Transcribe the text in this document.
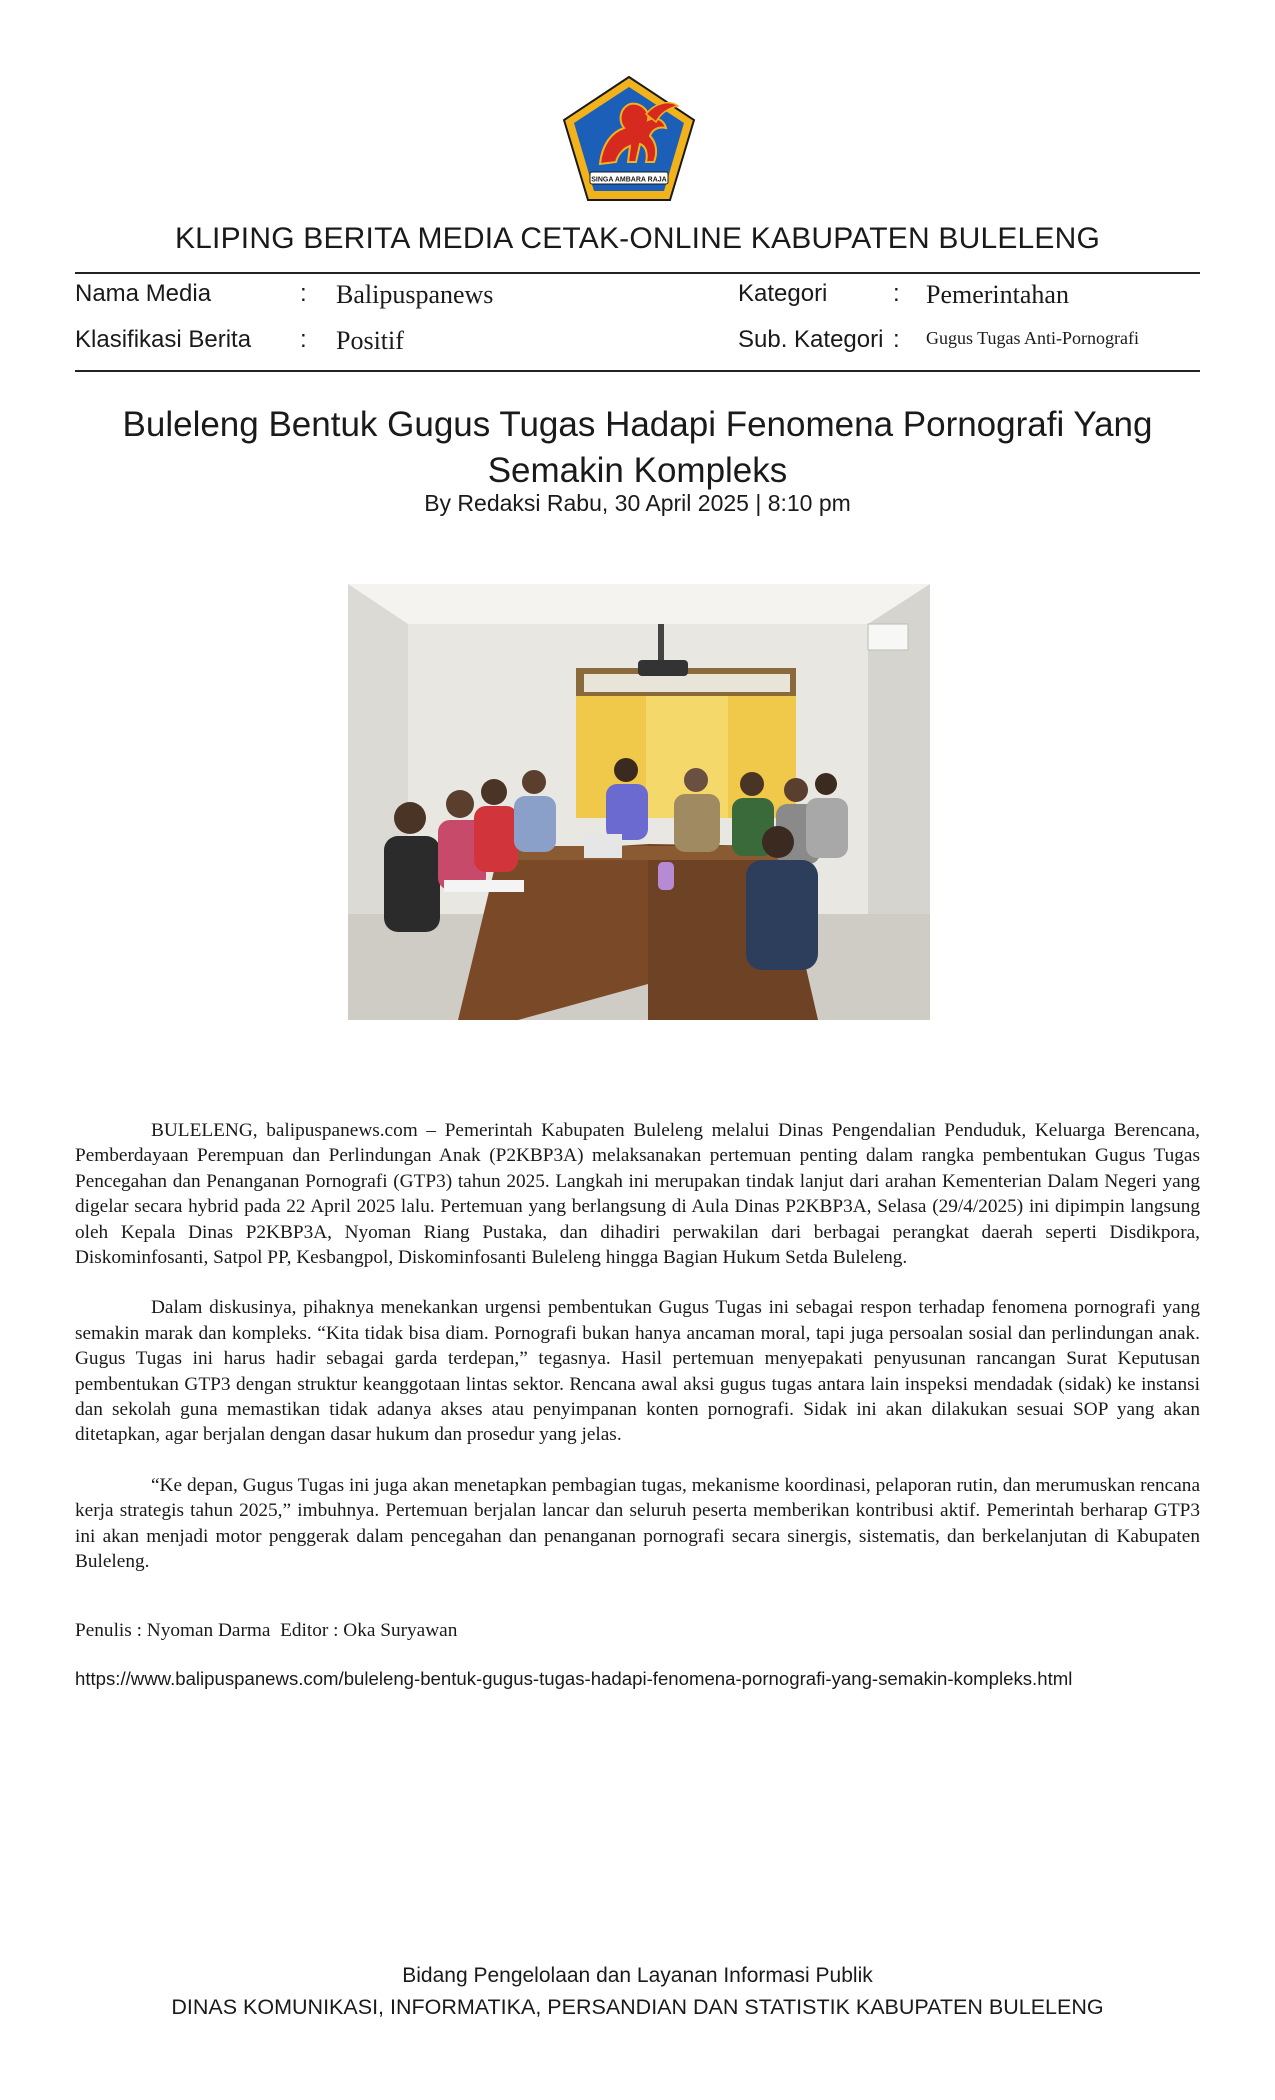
SINGA AMBARA RAJA
KLIPING BERITA MEDIA CETAK-ONLINE KABUPATEN BULELENG
Nama Media	: Balipuspanews
Klasifikasi Berita : Positif
Kategori	: Pemerintahan
Sub. Kategori : Gugus Tugas Anti-Pornografi
Buleleng Bentuk Gugus Tugas Hadapi Fenomena Pornografi Yang
Semakin Kompleks
By Redaksi Rabu, 30 April 2025 | 8:10 pm

BULELENG, balipuspanews.com – Pemerintah Kabupaten Buleleng melalui Dinas Pengendalian Penduduk, Keluarga Berencana, Pemberdayaan Perempuan dan Perlindungan Anak (P2KBP3A) melaksanakan pertemuan penting dalam rangka pembentukan Gugus Tugas Pencegahan dan Penanganan Pornografi (GTP3) tahun 2025. Langkah ini merupakan tindak lanjut dari arahan Kementerian Dalam Negeri yang digelar secara hybrid pada 22 April 2025 lalu. Pertemuan yang berlangsung di Aula Dinas P2KBP3A, Selasa (29/4/2025) ini dipimpin langsung oleh Kepala Dinas P2KBP3A, Nyoman Riang Pustaka, dan dihadiri perwakilan dari berbagai perangkat daerah seperti Disdikpora, Diskominfosanti, Satpol PP, Kesbangpol, Diskominfosanti Buleleng hingga Bagian Hukum Setda Buleleng.

Dalam diskusinya, pihaknya menekankan urgensi pembentukan Gugus Tugas ini sebagai respon terhadap fenomena pornografi yang semakin marak dan kompleks. “Kita tidak bisa diam. Pornografi bukan hanya ancaman moral, tapi juga persoalan sosial dan perlindungan anak. Gugus Tugas ini harus hadir sebagai garda terdepan,” tegasnya. Hasil pertemuan menyepakati penyusunan rancangan Surat Keputusan pembentukan GTP3 dengan struktur keanggotaan lintas sektor. Rencana awal aksi gugus tugas antara lain inspeksi mendadak (sidak) ke instansi dan sekolah guna memastikan tidak adanya akses atau penyimpanan konten pornografi. Sidak ini akan dilakukan sesuai SOP yang akan ditetapkan, agar berjalan dengan dasar hukum dan prosedur yang jelas.

“Ke depan, Gugus Tugas ini juga akan menetapkan pembagian tugas, mekanisme koordinasi, pelaporan rutin, dan merumuskan rencana kerja strategis tahun 2025,” imbuhnya. Pertemuan berjalan lancar dan seluruh peserta memberikan kontribusi aktif. Pemerintah berharap GTP3 ini akan menjadi motor penggerak dalam pencegahan dan penanganan pornografi secara sinergis, sistematis, dan berkelanjutan di Kabupaten Buleleng.

Penulis : Nyoman Darma  Editor : Oka Suryawan
https://www.balipuspanews.com/buleleng-bentuk-gugus-tugas-hadapi-fenomena-pornografi-yang-semakin-kompleks.html
Bidang Pengelolaan dan Layanan Informasi Publik
DINAS KOMUNIKASI, INFORMATIKA, PERSANDIAN DAN STATISTIK KABUPATEN BULELENG
